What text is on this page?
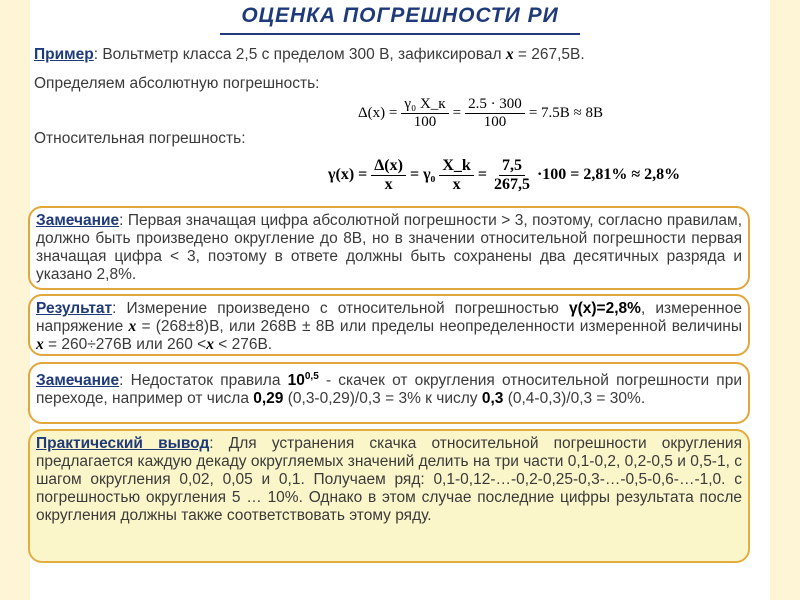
ОЦЕНКА ПОГРЕШНОСТИ РИ
Пример: Вольтметр класса 2,5 с пределом 300 В, зафиксировал x = 267,5В.
Определяем абсолютную погрешность:
$\Delta(x) = \frac{\text{γ₀ X\_к}}{100} = \frac{2.5 \cdot 300}{100} = 7.5B \approx 8B$
Относительная погрешность:
$\gamma(x) = \frac{\Delta(x)}{x} = \gamma_0 \frac{X\_k}{x} = \frac{7,5}{267,5} \cdot 100 = 2,81\% \approx 2,8\%$

Замечание: Первая значащая цифра абсолютной погрешности > 3, поэтому, согласно правилам, должно быть произведено округление до 8В, но в значении относительной погрешности первая значащая цифра < 3, поэтому в ответе должны быть сохранены два десятичных разряда и указано 2,8%.

Результат: Измерение произведено с относительной погрешностью γ(x)=2,8%, измеренное напряжение x = (268±8)В, или 268В ± 8В или пределы неопределенности измеренной величины x = 260÷276В или 260 <x < 276В.

Замечание: Недостаток правила 10$^{0,5}$ - скачек от округления относительной погрешности при переходе, например от числа 0,29 (0,3-0,29)/0,3 = 3% к числу 0,3 (0,4-0,3)/0,3 = 30%.

Практический вывод: Для устранения скачка относительной погрешности округления предлагается каждую декаду округляемых значений делить на три части 0,1-0,2, 0,2-0,5 и 0,5-1, с шагом округления 0,02, 0,05 и 0,1. Получаем ряд: 0,1-0,12-…-0,2-0,25-0,3-…-0,5-0,6-…-1,0. с погрешностью округления 5 … 10%. Однако в этом случае последние цифры результата после округления должны также соответствовать этому ряду.
